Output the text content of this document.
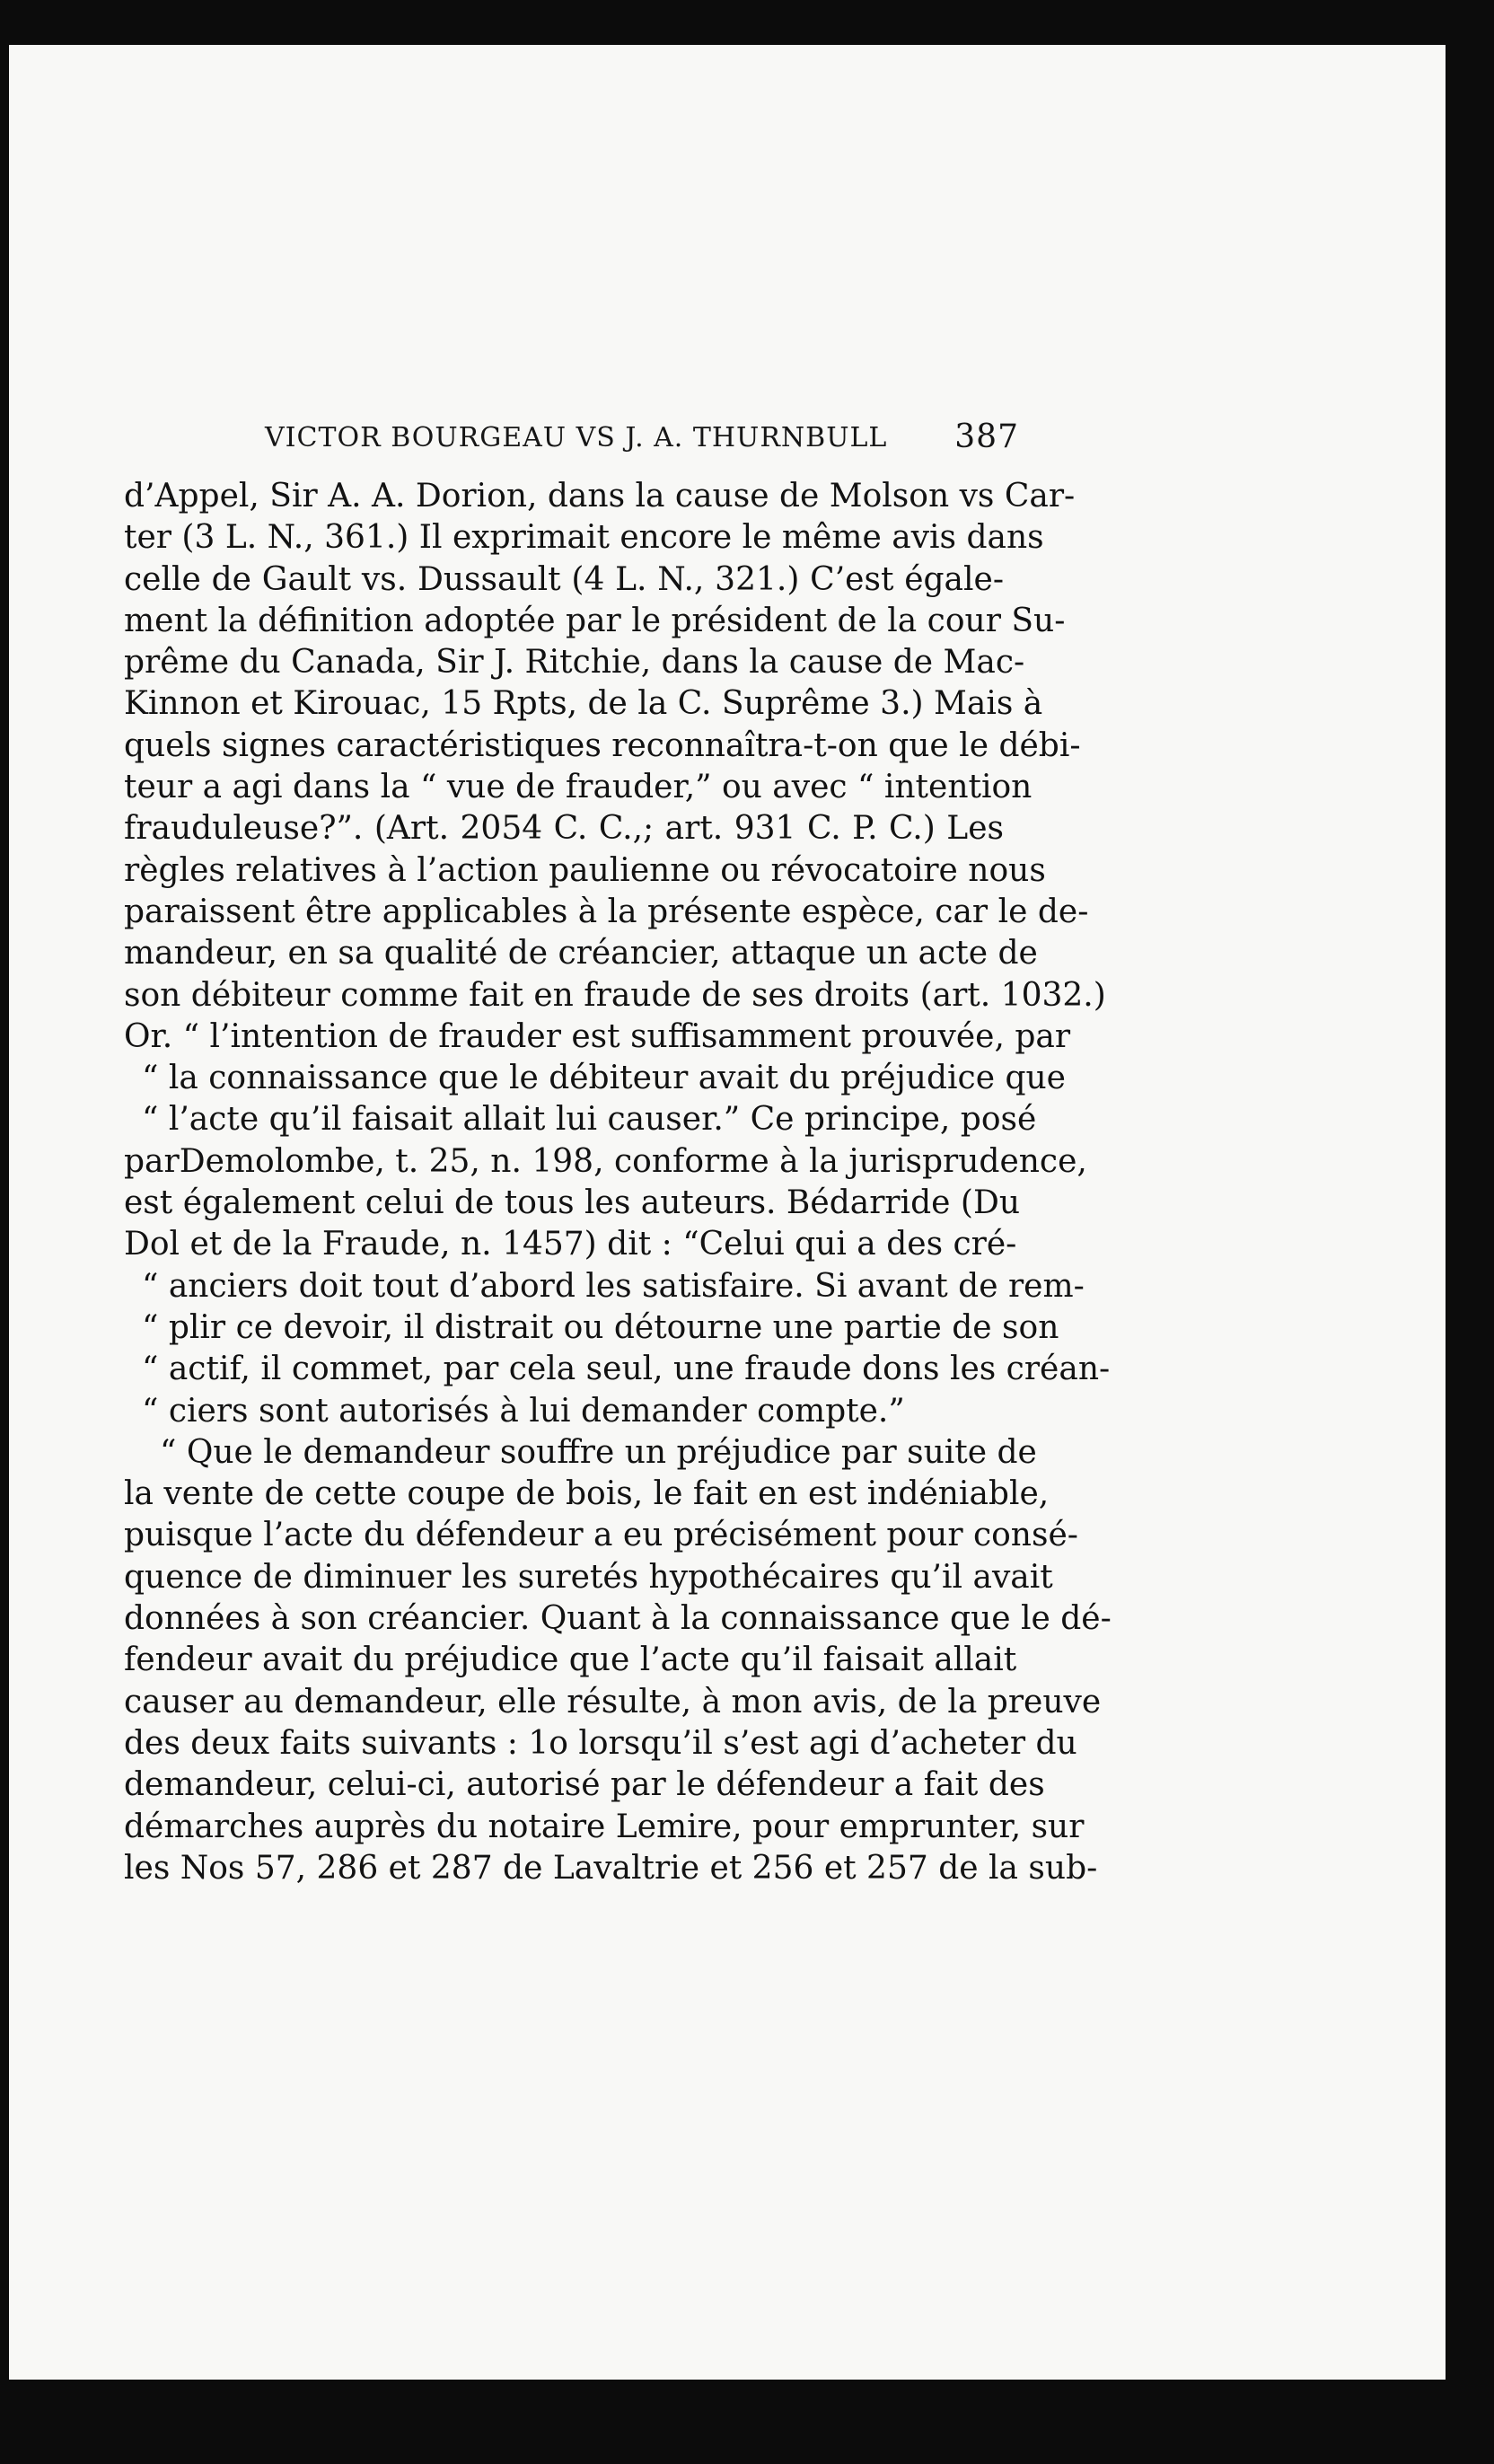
VICTOR BOURGEAU VS J. A. THURNBULL 387
d’Appel, Sir A. A. Dorion, dans la cause de Molson vs Car-
ter (3 L. N., 361.) Il exprimait encore le même avis dans
celle de Gault vs. Dussault (4 L. N., 321.) C’est égale-
ment la définition adoptée par le président de la cour Su-
prême du Canada, Sir J. Ritchie, dans la cause de Mac-
Kinnon et Kirouac, 15 Rpts, de la C. Suprême 3.) Mais à
quels signes caractéristiques reconnaîtra-t-on que le débi-
teur a agi dans la “ vue de frauder,” ou avec “ intention
frauduleuse?”. (Art. 2054 C. C.,; art. 931 C. P. C.) Les
règles relatives à l’action paulienne ou révocatoire nous
paraissent être applicables à la présente espèce, car le de-
mandeur, en sa qualité de créancier, attaque un acte de
son débiteur comme fait en fraude de ses droits (art. 1032.)
Or. “ l’intention de frauder est suffisamment prouvée, par
“ la connaissance que le débiteur avait du préjudice que
“ l’acte qu’il faisait allait lui causer.” Ce principe, posé
parDemolombe, t. 25, n. 198, conforme à la jurisprudence,
est également celui de tous les auteurs. Bédarride (Du
Dol et de la Fraude, n. 1457) dit : “Celui qui a des cré-
“ anciers doit tout d’abord les satisfaire. Si avant de rem-
“ plir ce devoir, il distrait ou détourne une partie de son
“ actif, il commet, par cela seul, une fraude dons les créan-
“ ciers sont autorisés à lui demander compte.”
“ Que le demandeur souffre un préjudice par suite de
la vente de cette coupe de bois, le fait en est indéniable,
puisque l’acte du défendeur a eu précisément pour consé-
quence de diminuer les suretés hypothécaires qu’il avait
données à son créancier. Quant à la connaissance que le dé-
fendeur avait du préjudice que l’acte qu’il faisait allait
causer au demandeur, elle résulte, à mon avis, de la preuve
des deux faits suivants : 1o lorsqu’il s’est agi d’acheter du
demandeur, celui-ci, autorisé par le défendeur a fait des
démarches auprès du notaire Lemire, pour emprunter, sur
les Nos 57, 286 et 287 de Lavaltrie et 256 et 257 de la sub-
